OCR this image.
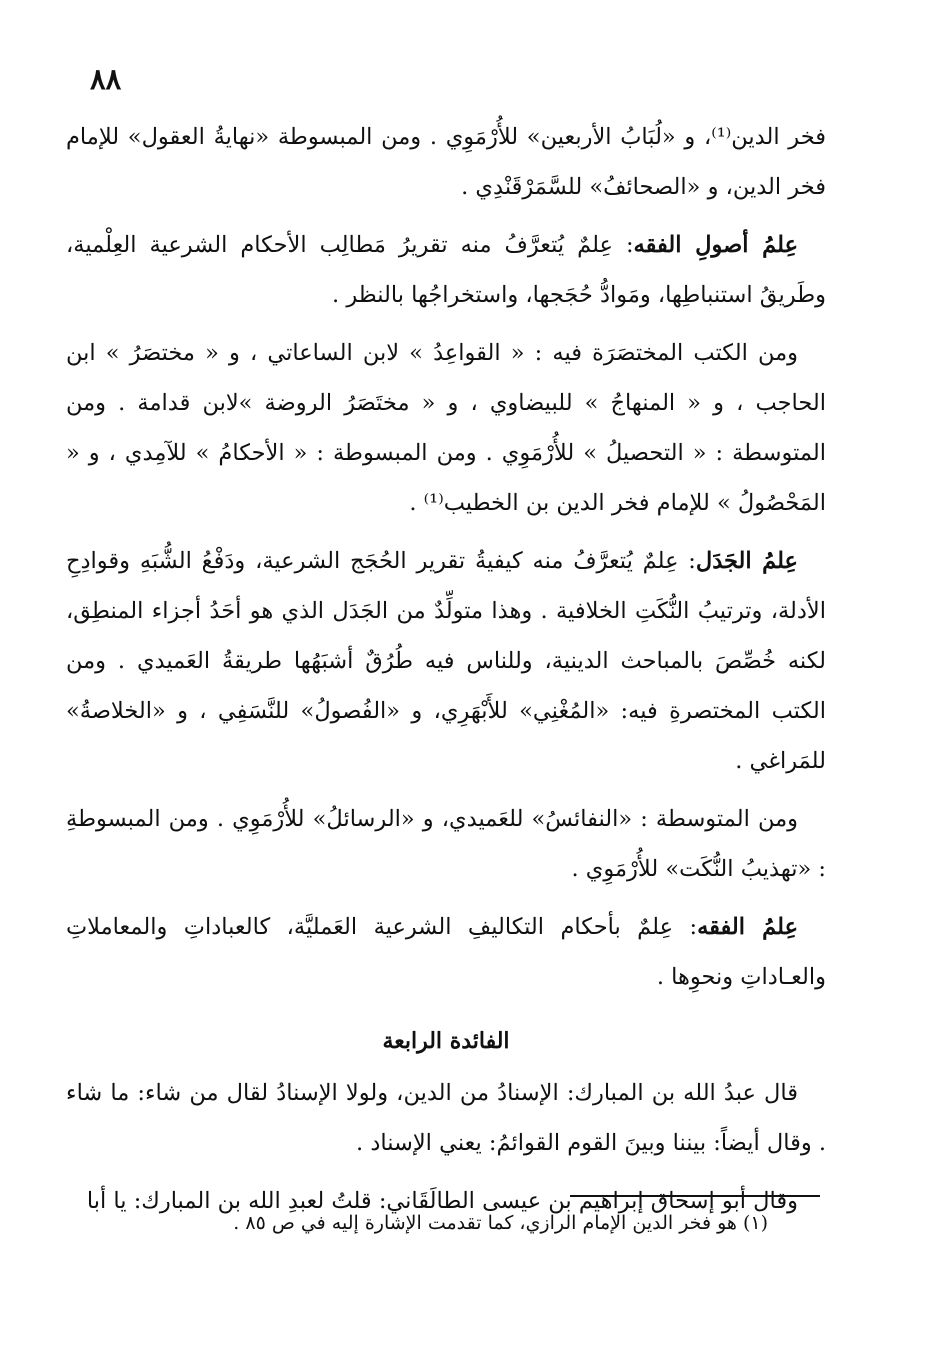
٨٨

فخر الدين⁽¹⁾، و «لُبَابُ الأربعين» للأُرْمَوِي . ومن المبسوطة «نهايةُ العقول» للإمام فخر الدين، و «الصحائفُ» للسَّمَرْقَنْدِي .

عِلمُ أصولِ الفقه: عِلمٌ يُتعرَّفُ منه تقريرُ مَطالِب الأحكام الشرعية العِلْمية، وطَريقُ استنباطِها، ومَوادُّ حُجَجها، واستخراجُها بالنظر .

ومن الكتب المختصَرَة فيه : « القواعِدُ » لابن الساعاتي ، و « مختصَرُ » ابن الحاجب ، و « المنهاجُ » للبيضاوي ، و « مختَصَرُ الروضة »لابن قدامة . ومن المتوسطة : « التحصيلُ » للأُرْمَوِي . ومن المبسوطة : « الأحكامُ » للآمِدي ، و « المَحْصُولُ » للإمام فخر الدين بن الخطيب⁽¹⁾ .

عِلمُ الجَدَل: عِلمٌ يُتعرَّفُ منه كيفيةُ تقرير الحُجَج الشرعية، ودَفْعُ الشُّبَهِ وقوادِحِ الأدلة، وترتيبُ النُّكَتِ الخلافية . وهذا متولِّدٌ من الجَدَل الذي هو أحَدُ أجزاء المنطِق، لكنه خُصِّصَ بالمباحث الدينية، وللناس فيه طُرُقٌ أشبَهُها طريقةُ العَميدي . ومن الكتب المختصرةِ فيه: «المُغْنِي» للأَبْهَرِي، و «الفُصولُ» للنَّسَفِي ، و «الخلاصةُ» للمَراغي .

ومن المتوسطة : «النفائسُ» للعَميدي، و «الرسائلُ» للأُرْمَوِي . ومن المبسوطةِ : «تهذيبُ النُّكَت» للأُرْمَوِي .

عِلمُ الفقه: عِلمٌ بأحكام التكاليفِ الشرعية العَمليَّة، كالعباداتِ والمعاملاتِ والعـاداتِ ونحوِها .

الفائدة الرابعة

قال عبدُ الله بن المبارك: الإسنادُ من الدين، ولولا الإسنادُ لقال من شاء: ما شاء . وقال أيضاً: بيننا وبينَ القوم القوائمُ: يعني الإسناد .

وقال أبو إسحاق إبراهيم بن عيسى الطالَقَاني: قلتُ لعبدِ الله بن المبارك: يا أبا

(١) هو فخر الدين الإمام الرازي، كما تقدمت الإشارة إليه في ص ٨٥ .
